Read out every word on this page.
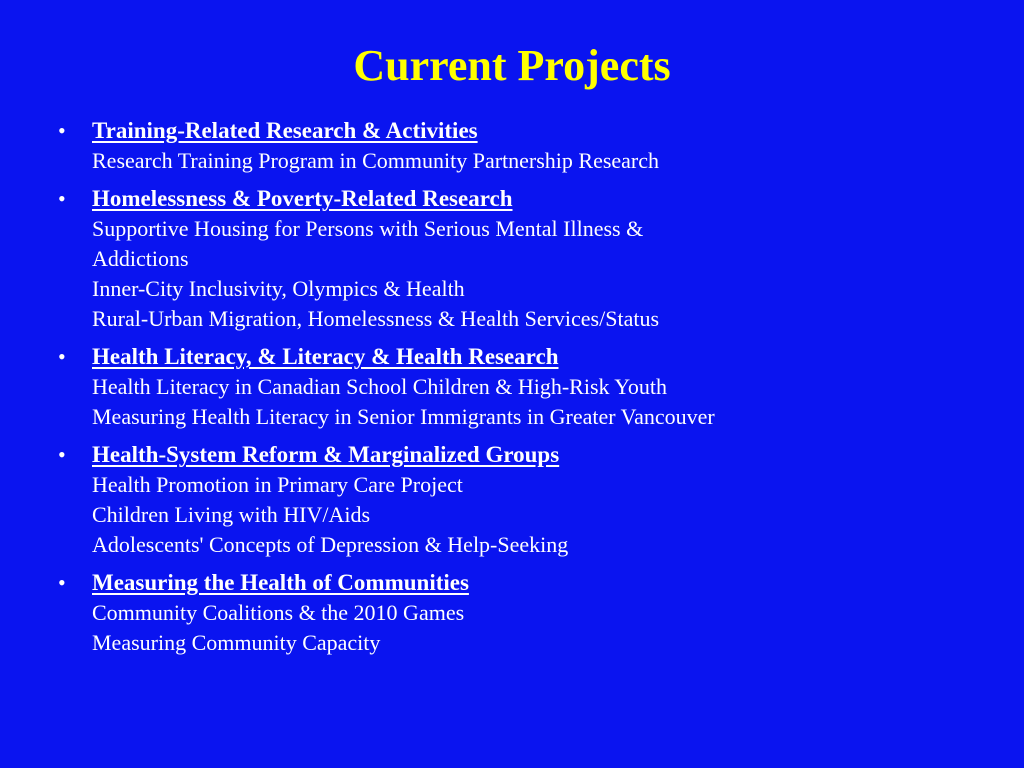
Current Projects
• Training-Related Research & Activities
Research Training Program in Community Partnership Research
• Homelessness & Poverty-Related Research
Supportive Housing for Persons with Serious Mental Illness &
Addictions
Inner-City Inclusivity, Olympics & Health
Rural-Urban Migration, Homelessness & Health Services/Status
• Health Literacy, & Literacy & Health Research
Health Literacy in Canadian School Children & High-Risk Youth
Measuring Health Literacy in Senior Immigrants in Greater Vancouver
• Health-System Reform & Marginalized Groups
Health Promotion in Primary Care Project
Children Living with HIV/Aids
Adolescents' Concepts of Depression & Help-Seeking
• Measuring the Health of Communities
Community Coalitions & the 2010 Games
Measuring Community Capacity
